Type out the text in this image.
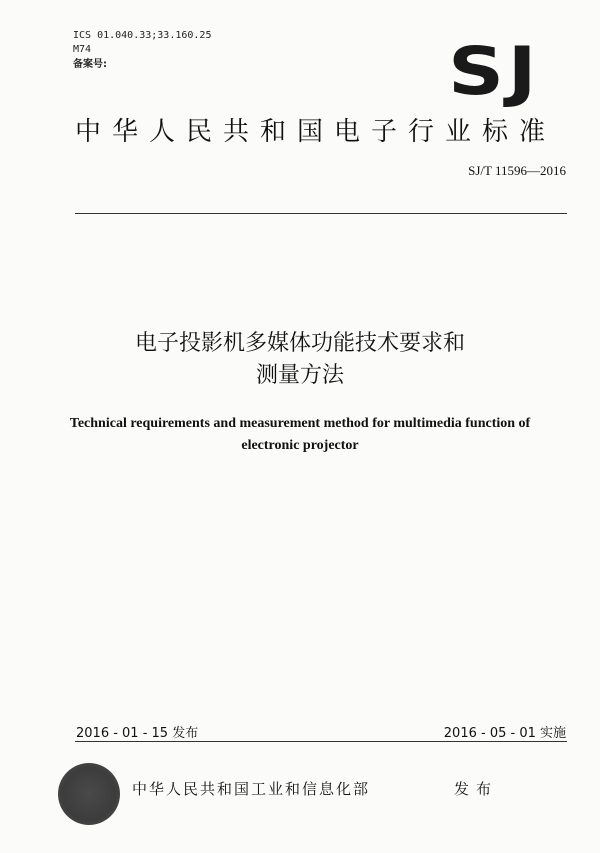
ICS 01.040.33;33.160.25
M74
备案号:	SJ
中华人民共和国电子行业标准
SJ/T 11596—2016
电子投影机多媒体功能技术要求和
测量方法
Technical requirements and measurement method for multimedia function of
electronic projector
2016 - 01 - 15 发布	2016 - 05 - 01 实施
中华人民共和国工业和信息化部	发布
